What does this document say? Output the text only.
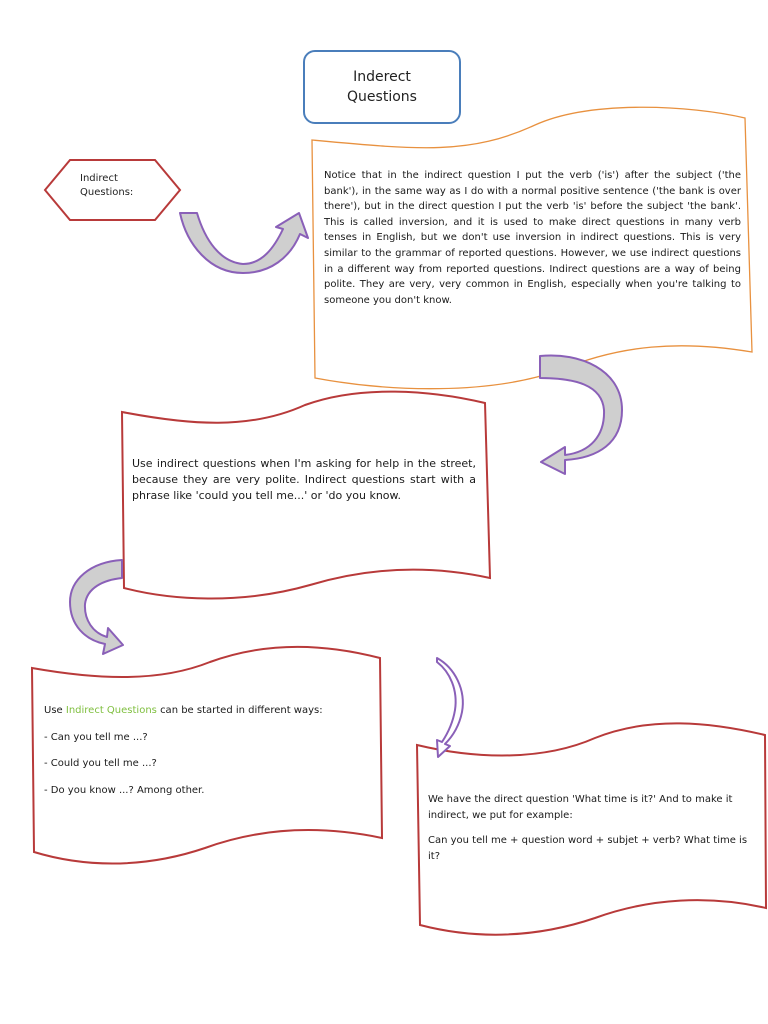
Inderect Questions
Indirect Questions:
Notice that in the indirect question I put the verb ('is') after the subject ('the bank'), in the same way as I do with a normal positive sentence ('the bank is over there'), but in the direct question I put the verb 'is' before the subject 'the bank'. This is called inversion, and it is used to make direct questions in many verb tenses in English, but we don't use inversion in indirect questions. This is very similar to the grammar of reported questions. However, we use indirect questions in a different way from reported questions. Indirect questions are a way of being polite. They are very, very common in English, especially when you're talking to someone you don't know.
Use indirect questions when I'm asking for help in the street, because they are very polite. Indirect questions start with a phrase like 'could you tell me...' or 'do you know.

Use Indirect Questions can be started in different ways:

- Can you tell me ...?

- Could you tell me ...?

- Do you know ...? Among other.

We have the direct question 'What time is it?' And to make it indirect, we put for example:

Can you tell me + question word + subjet + verb? What time is it?
